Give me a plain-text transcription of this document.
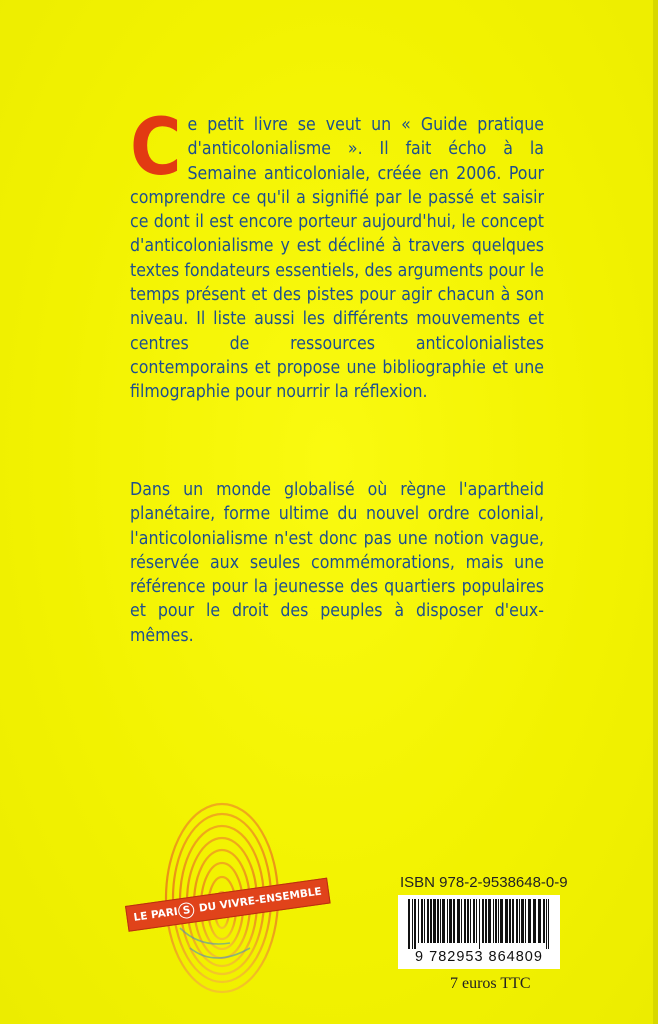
Ce petit livre se veut un « Guide pratique d'anticolonialisme ». Il fait écho à la Semaine anticoloniale, créée en 2006. Pour comprendre ce qu'il a signifié par le passé et saisir ce dont il est encore porteur aujourd'hui, le concept d'anticolonialisme y est décliné à travers quelques textes fondateurs essentiels, des arguments pour le temps présent et des pistes pour agir chacun à son niveau. Il liste aussi les différents mouvements et centres de ressources anticolonialistes contemporains et propose une bibliographie et une filmographie pour nourrir la réflexion.
Dans un monde globalisé où règne l'apartheid planétaire, forme ultime du nouvel ordre colonial, l'anticolonialisme n'est donc pas une notion vague, réservée aux seules commémorations, mais une référence pour la jeunesse des quartiers populaires et pour le droit des peuples à disposer d'eux-mêmes.
LE PARI S DU VIVRE-ENSEMBLE
ISBN 978-2-9538648-0-9
9 782953 864809
7 euros TTC
